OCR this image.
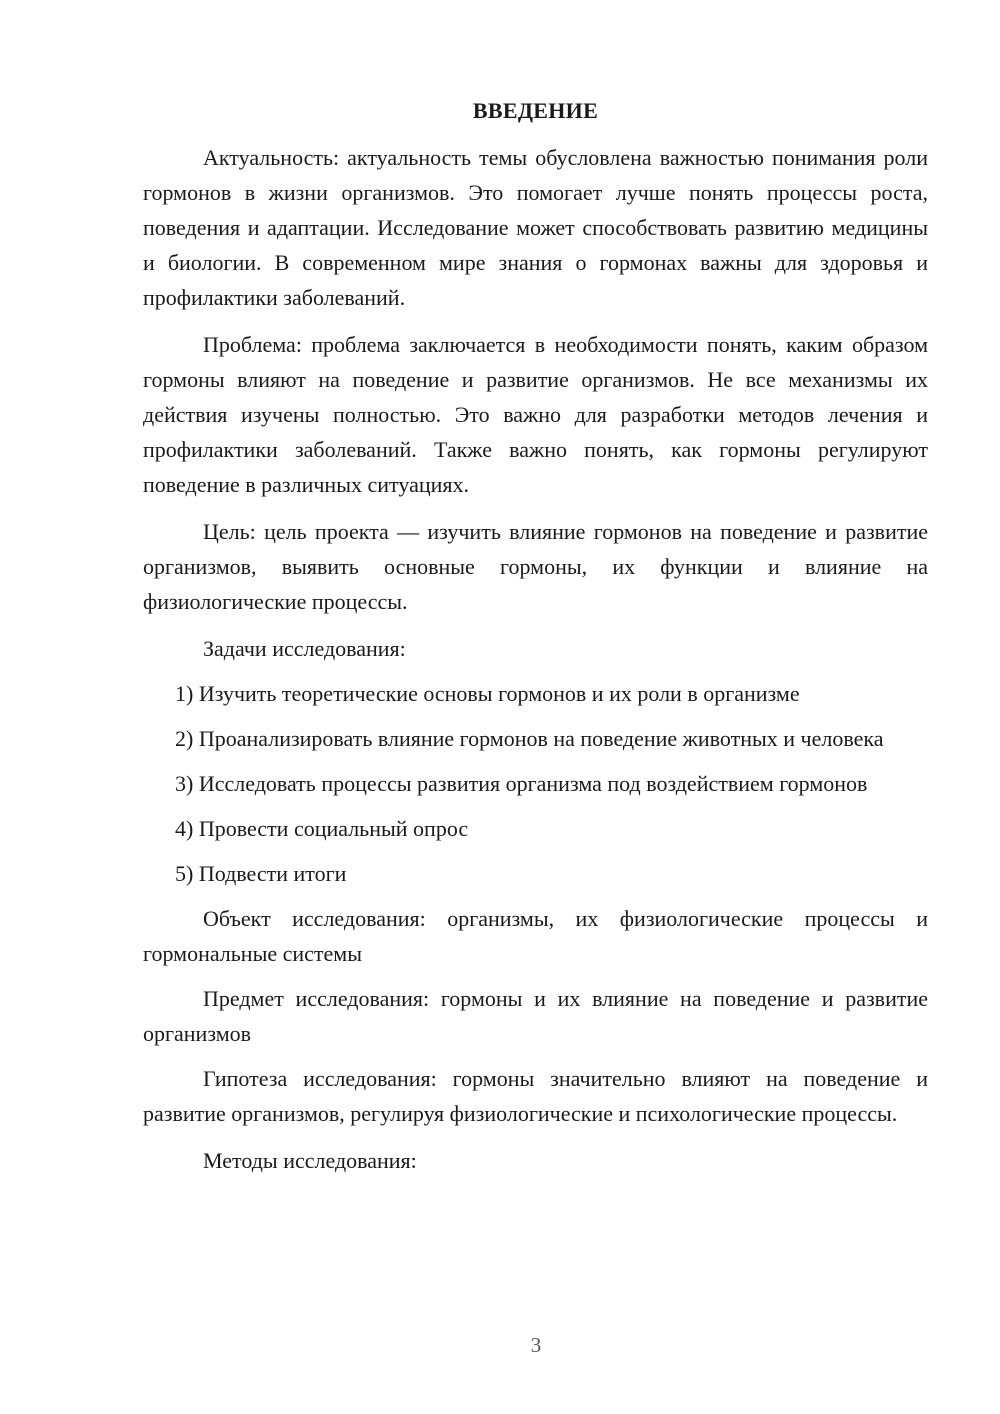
ВВЕДЕНИЕ

Актуальность: актуальность темы обусловлена важностью понимания роли гормонов в жизни организмов. Это помогает лучше понять процессы роста, поведения и адаптации. Исследование может способствовать развитию медицины и биологии. В современном мире знания о гормонах важны для здоровья и профилактики заболеваний.

Проблема: проблема заключается в необходимости понять, каким образом гормоны влияют на поведение и развитие организмов. Не все механизмы их действия изучены полностью. Это важно для разработки методов лечения и профилактики заболеваний. Также важно понять, как гормоны регулируют поведение в различных ситуациях.

Цель: цель проекта — изучить влияние гормонов на поведение и развитие организмов, выявить основные гормоны, их функции и влияние на физиологические процессы.

Задачи исследования:

1) Изучить теоретические основы гормонов и их роли в организме

2) Проанализировать влияние гормонов на поведение животных и человека

3) Исследовать процессы развития организма под воздействием гормонов

4) Провести социальный опрос

5) Подвести итоги

Объект исследования: организмы, их физиологические процессы и гормональные системы

Предмет исследования: гормоны и их влияние на поведение и развитие организмов

Гипотеза исследования: гормоны значительно влияют на поведение и развитие организмов, регулируя физиологические и психологические процессы.

Методы исследования:

3
